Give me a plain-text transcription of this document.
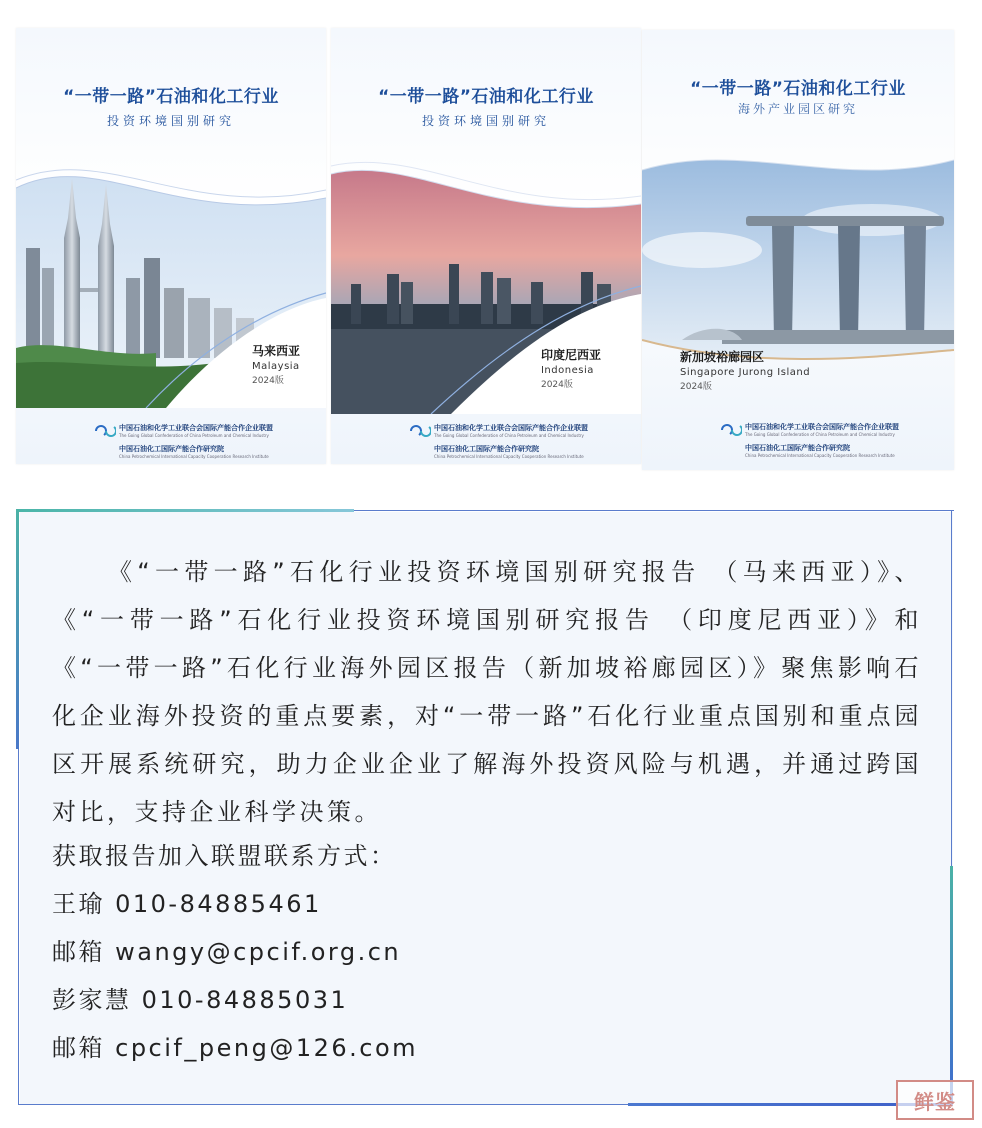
“一带一路”石油和化工行业
投资环境国别研究
马来西亚
Malaysia
2024版
中国石油和化学工业联合会国际产能合作企业联盟
The Going Global Confederation of China Petroleum and Chemical Industry
中国石油化工国际产能合作研究院
China Petrochemical International Capacity Cooperation Research Institute
“一带一路”石油和化工行业
投资环境国别研究
印度尼西亚
Indonesia
2024版
中国石油和化学工业联合会国际产能合作企业联盟
The Going Global Confederation of China Petroleum and Chemical Industry
中国石油化工国际产能合作研究院
China Petrochemical International Capacity Cooperation Research Institute
“一带一路”石油和化工行业
海外产业园区研究
新加坡裕廊园区
Singapore Jurong Island
2024版
中国石油和化学工业联合会国际产能合作企业联盟
The Going Global Confederation of China Petroleum and Chemical Industry
中国石油化工国际产能合作研究院
China Petrochemical International Capacity Cooperation Research Institute

《“一带一路”石化行业投资环境国别研究报告 （马来西亚）》、《“一带一路”石化行业投资环境国别研究报告 （印度尼西亚）》和《“一带一路”石化行业海外园区报告（新加坡裕廊园区）》聚焦影响石化企业海外投资的重点要素，对“一带一路”石化行业重点国别和重点园区开展系统研究，助力企业企业了解海外投资风险与机遇，并通过跨国对比，支持企业科学决策。

获取报告加入联盟联系方式：

王瑜 010-84885461

邮箱 wangy@cpcif.org.cn

彭家慧 010-84885031

邮箱 cpcif_peng@126.com

鲜鉴
